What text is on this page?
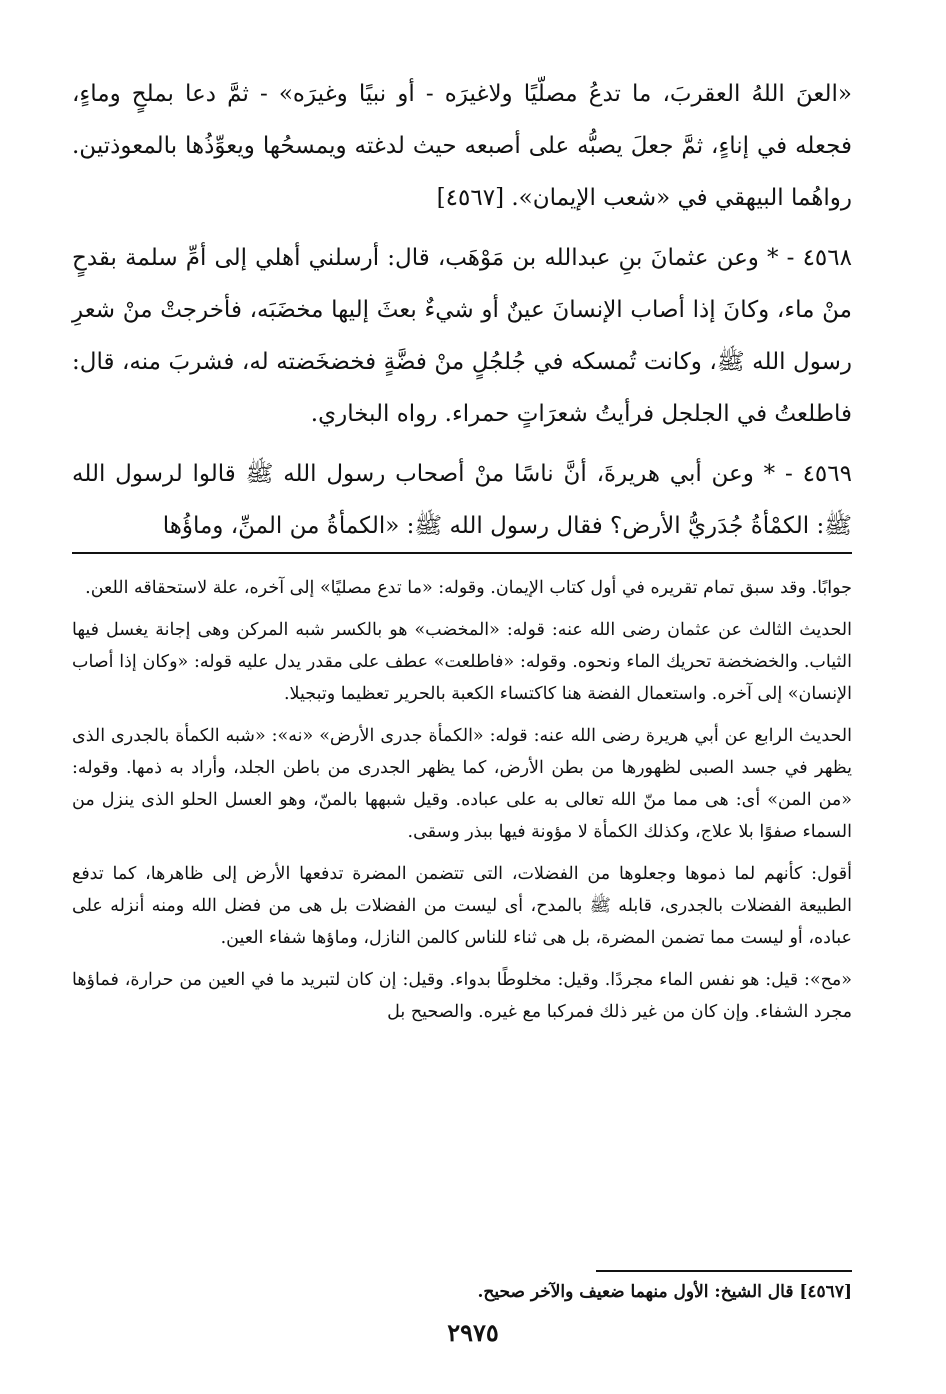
«العنَ اللهُ العقربَ، ما تدعُ مصلّيًا ولاغيرَه - أو نبيًا وغيرَه» - ثمَّ دعا بملحٍ وماءٍ، فجعله في إناءٍ، ثمَّ جعلَ يصبُّه على أصبعه حيث لدغته ويمسحُها ويعوِّذُها بالمعوذتين. رواهُما البيهقي في «شعب الإيمان». [٤٥٦٧]

٤٥٦٨ - * وعن عثمانَ بنِ عبدالله بن مَوْهَب، قال: أرسلني أهلي إلى أمِّ سلمة بقدحٍ منْ ماء، وكانَ إذا أصاب الإنسانَ عينٌ أو شيءٌ بعثَ إليها مخضَبَه، فأخرجتْ منْ شعرِ رسول الله ﷺ، وكانت تُمسكه في جُلجُلٍ منْ فضَّةٍ فخضخَضته له، فشربَ منه، قال: فاطلعتُ في الجلجل فرأيتُ شعرَاتٍ حمراء. رواه البخاري.

٤٥٦٩ - * وعن أبي هريرةَ، أنَّ ناسًا منْ أصحاب رسول الله ﷺ قالوا لرسول الله ﷺ: الكمْأةُ جُدَريُّ الأرض؟ فقال رسول الله ﷺ: «الكمأةُ من المنِّ، وماؤُها

جوابًا. وقد سبق تمام تقريره في أول كتاب الإيمان. وقوله: «ما تدع مصليًا» إلى آخره، علة لاستحقاقه اللعن.

الحديث الثالث عن عثمان رضى الله عنه: قوله: «المخضب» هو بالكسر شبه المركن وهى إجانة يغسل فيها الثياب. والخضخضة تحريك الماء ونحوه. وقوله: «فاطلعت» عطف على مقدر يدل عليه قوله: «وكان إذا أصاب الإنسان» إلى آخره. واستعمال الفضة هنا كاكتساء الكعبة بالحرير تعظيما وتبجيلا.

الحديث الرابع عن أبي هريرة رضى الله عنه: قوله: «الكمأة جدرى الأرض» «نه»: «شبه الكمأة بالجدرى الذى يظهر في جسد الصبى لظهورها من بطن الأرض، كما يظهر الجدرى من باطن الجلد، وأراد به ذمها. وقوله: «من المن» أى: هى مما منّ الله تعالى به على عباده. وقيل شبهها بالمنّ، وهو العسل الحلو الذى ينزل من السماء صفوًا بلا علاج، وكذلك الكمأة لا مؤونة فيها ببذر وسقى.

أقول: كأنهم لما ذموها وجعلوها من الفضلات، التى تتضمن المضرة تدفعها الأرض إلى ظاهرها، كما تدفع الطبيعة الفضلات بالجدرى، قابله ﷺ بالمدح، أى ليست من الفضلات بل هى من فضل الله ومنه أنزله على عباده، أو ليست مما تضمن المضرة، بل هى ثناء للناس كالمن النازل، وماؤها شفاء العين.

«مح»: قيل: هو نفس الماء مجردًا. وقيل: مخلوطًا بدواء. وقيل: إن كان لتبريد ما في العين من حرارة، فماؤها مجرد الشفاء. وإن كان من غير ذلك فمركبا مع غيره. والصحيح بل

[٤٥٦٧] قال الشيخ: الأول منهما ضعيف والآخر صحيح.
٢٩٧٥
